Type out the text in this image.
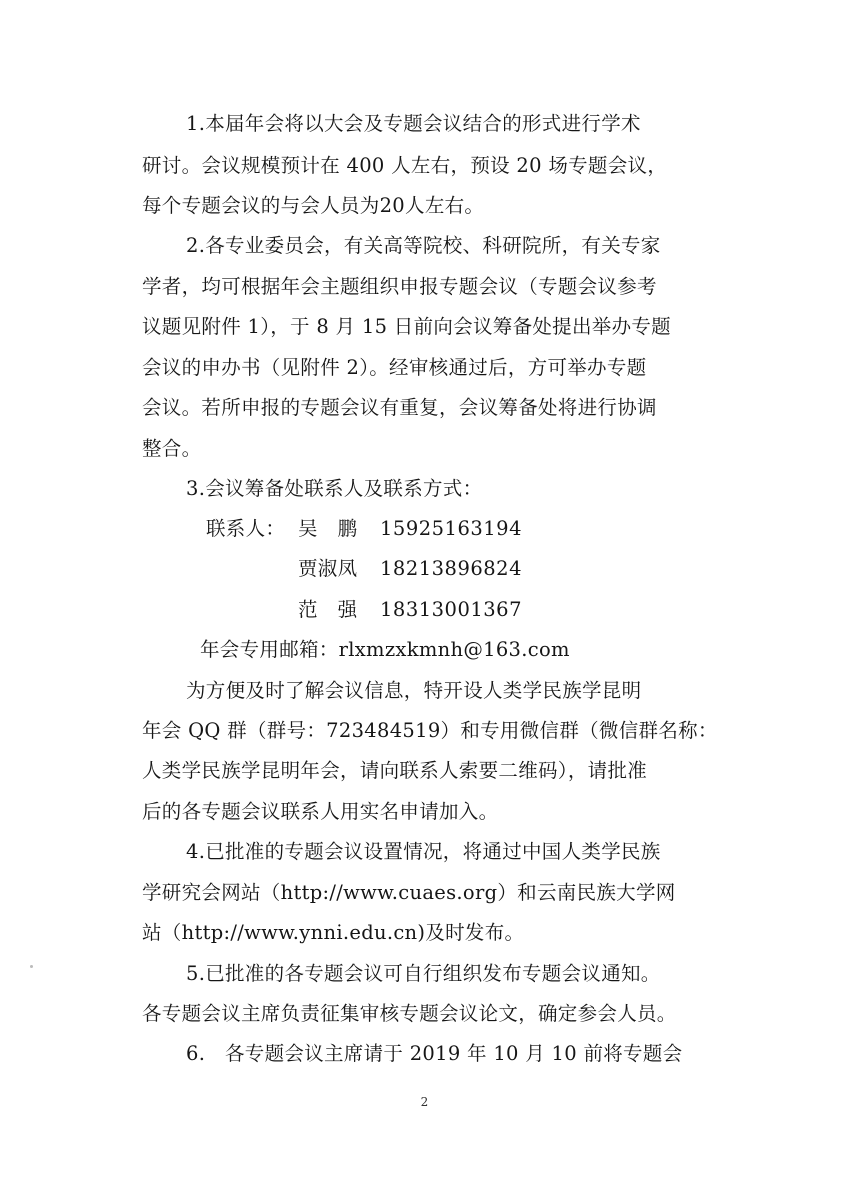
1.本届年会将以大会及专题会议结合的形式进行学术
研讨。会议规模预计在 400 人左右，预设 20 场专题会议，
每个专题会议的与会人员为20人左右。
2.各专业委员会，有关高等院校、科研院所，有关专家
学者，均可根据年会主题组织申报专题会议（专题会议参考
议题见附件 1），于 8 月 15 日前向会议筹备处提出举办专题
会议的申办书（见附件 2）。经审核通过后，方可举办专题
会议。若所申报的专题会议有重复，会议筹备处将进行协调
整合。
3.会议筹备处联系人及联系方式：
联系人： 吴　鹏	15925163194
贾淑凤	18213896824
范　强	18313001367
年会专用邮箱：rlxmzxkmnh@163.com
为方便及时了解会议信息，特开设人类学民族学昆明
年会 QQ 群（群号：723484519）和专用微信群（微信群名称：
人类学民族学昆明年会，请向联系人索要二维码），请批准
后的各专题会议联系人用实名申请加入。
4.已批准的专题会议设置情况，将通过中国人类学民族
学研究会网站（http://www.cuaes.org）和云南民族大学网
站（http://www.ynni.edu.cn)及时发布。
5.已批准的各专题会议可自行组织发布专题会议通知。
各专题会议主席负责征集审核专题会议论文，确定参会人员。
6.　各专题会议主席请于 2019 年 10 月 10 前将专题会
2
